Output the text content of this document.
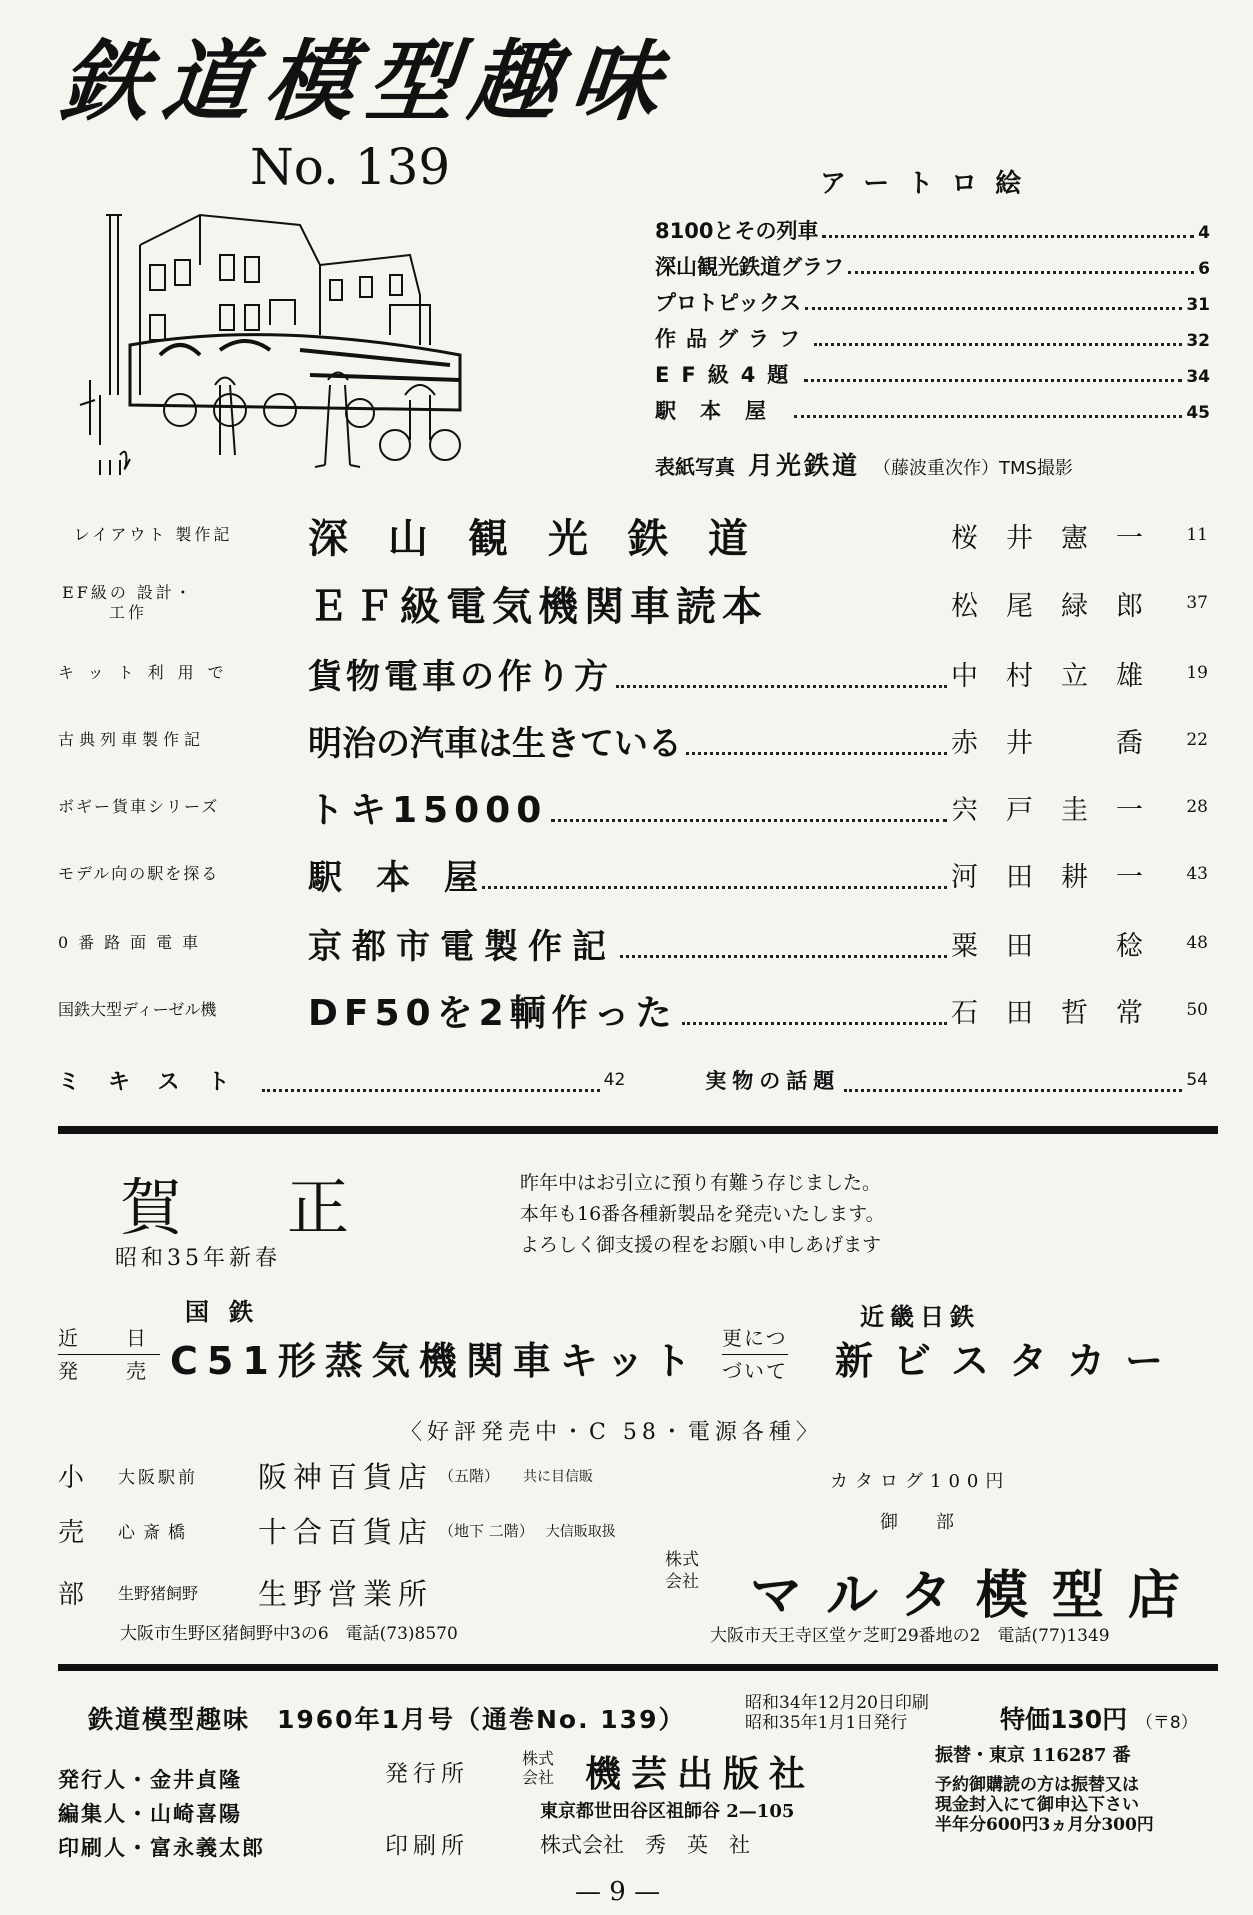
鉄道模型趣味
No. 139	アートロ絵
8100とその列車	4
深山観光鉄道グラフ	6
プロトピックス	31
作品グラフ	32
EF級4題	34
駅本屋	45
表紙写真 月光鉄道 （藤波重次作）TMS撮影
レイアウト 製作記	深　山　観　光　鉄　道	桜井憲一 11
EF級の 設計・工作	ＥＦ級電気機関車読本	松尾緑郎 37
キット利用で	貨物電車の作り方	中村立雄 19
古典列車製作記	明治の汽車は生きている	赤井　喬 22
ボギー貨車シリーズ	トキ15000	宍戸圭一 28
モデル向の駅を探る	駅　本　屋	河田耕一 43
0番路面電車	京都市電製作記	粟田　稔 48
国鉄大型ディーゼル機	DF50を2輌作った	石田哲常 50
ミキスト	42	実物の話題	54
賀正
昭和35年新春
昨年中はお引立に預り有難う存じました。
本年も16番各種新製品を発売いたします。
よろしく御支援の程をお願い申しあげます
国鉄
近　日
発　売 C51形蒸気機関車キット
近畿日鉄
更につ
づいて 新ビスタカー
〈好評発売中・C 58・電源各種〉
小	大阪駅前	阪神百貨店 （五階） 共に目信販
売	心斎橋	十合百貨店 （地下 二階） 大信販取扱
部	生野猪飼野	生野営業所
大阪市生野区猪飼野中3の6　電話(73)8570
カタログ100円
御部
株式
会社 マルタ模型店
大阪市天王寺区堂ケ芝町29番地の2　電話(77)1349
鉄道模型趣味　1960年1月号（通巻No. 139）
昭和34年12月20日印刷
昭和35年1月1日発行	特価130円 （〒8）
発行人・金井貞隆
編集人・山崎喜陽
印刷人・富永義太郎
発行所
株式
会社 機芸出版社
東京都世田谷区祖師谷 2—105
印刷所	株式会社　秀　英　社
振替・東京 116287 番
予約御購読の方は振替又は
現金封入にて御申込下さい
半年分600円3ヵ月分300円
— 9 —
